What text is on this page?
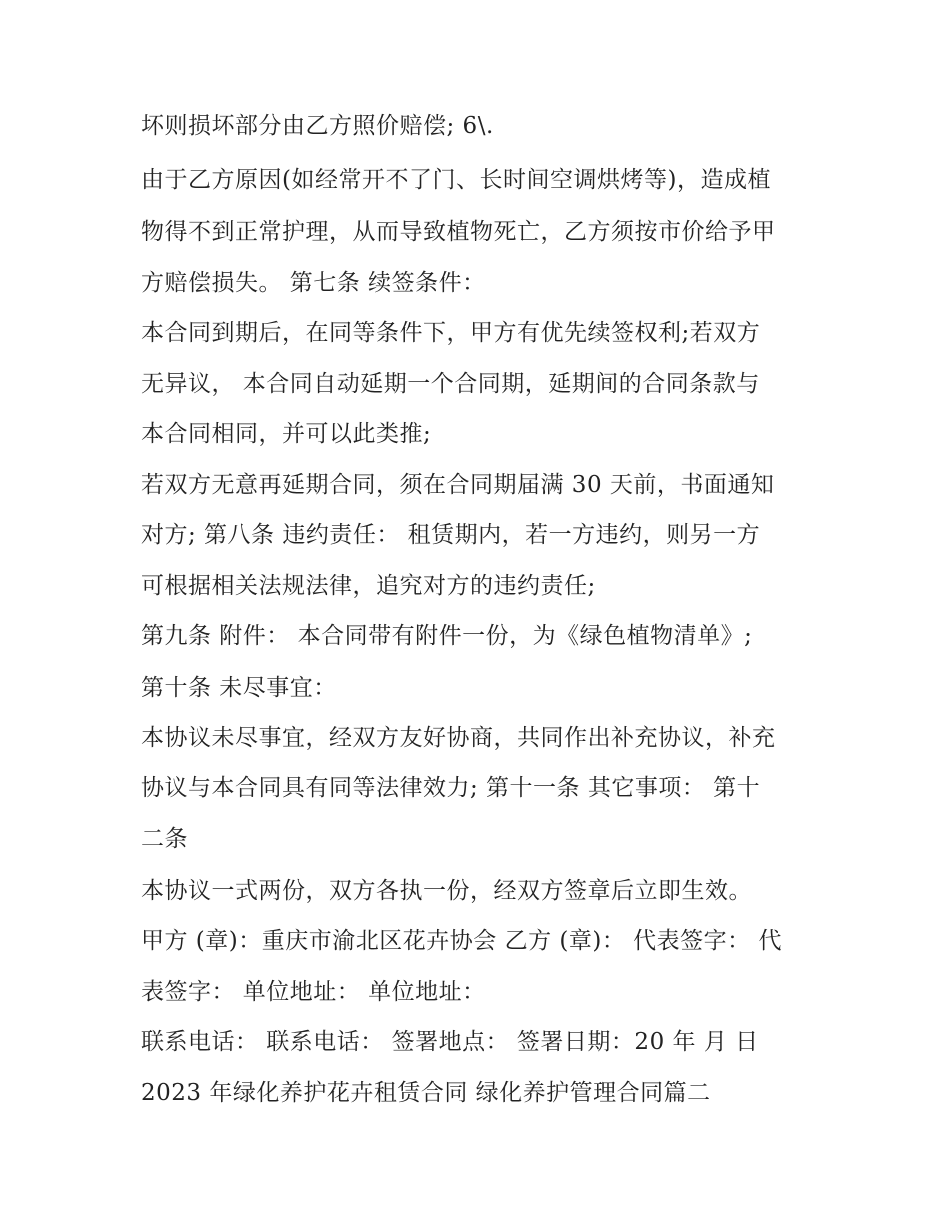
坏则损坏部分由乙方照价赔偿; 6\.
由于乙方原因(如经常开不了门、长时间空调烘烤等)，造成植
物得不到正常护理，从而导致植物死亡，乙方须按市价给予甲
方赔偿损失。 第七条 续签条件：
本合同到期后，在同等条件下，甲方有优先续签权利;若双方
无异议， 本合同自动延期一个合同期，延期间的合同条款与
本合同相同，并可以此类推;
若双方无意再延期合同，须在合同期届满 30 天前，书面通知
对方; 第八条 违约责任： 租赁期内，若一方违约，则另一方
可根据相关法规法律，追究对方的违约责任;
第九条 附件： 本合同带有附件一份，为《绿色植物清单》;
第十条 未尽事宜：
本协议未尽事宜，经双方友好协商，共同作出补充协议，补充
协议与本合同具有同等法律效力; 第十一条 其它事项： 第十
二条
本协议一式两份，双方各执一份，经双方签章后立即生效。
甲方 (章)：重庆市渝北区花卉协会 乙方 (章)： 代表签字： 代
表签字： 单位地址： 单位地址：
联系电话： 联系电话： 签署地点： 签署日期：20 年 月 日
2023 年绿化养护花卉租赁合同 绿化养护管理合同篇二
